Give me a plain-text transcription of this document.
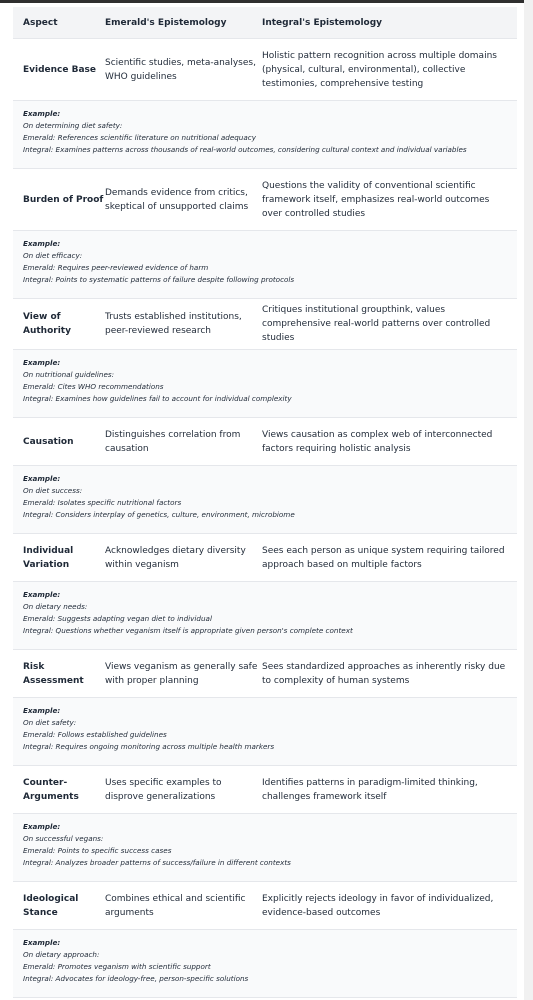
Aspect	Emerald's Epistemology	Integral's Epistemology
Evidence Base
Scientific studies, meta-analyses, WHO guidelines
Holistic pattern recognition across multiple domains (physical, cultural, environmental), collective testimonies, comprehensive testing
Example:
On determining diet safety:
Emerald: References scientific literature on nutritional adequacy
Integral: Examines patterns across thousands of real-world outcomes, considering cultural context and individual variables
Burden of Proof
Demands evidence from critics, skeptical of unsupported claims
Questions the validity of conventional scientific framework itself, emphasizes real-world outcomes over controlled studies
Example:
On diet efficacy:
Emerald: Requires peer-reviewed evidence of harm
Integral: Points to systematic patterns of failure despite following protocols
View of Authority
Trusts established institutions, peer-reviewed research
Critiques institutional groupthink, values comprehensive real-world patterns over controlled studies
Example:
On nutritional guidelines:
Emerald: Cites WHO recommendations
Integral: Examines how guidelines fail to account for individual complexity
Causation
Distinguishes correlation from causation
Views causation as complex web of interconnected factors requiring holistic analysis
Example:
On diet success:
Emerald: Isolates specific nutritional factors
Integral: Considers interplay of genetics, culture, environment, microbiome
Individual Variation
Acknowledges dietary diversity within veganism
Sees each person as unique system requiring tailored approach based on multiple factors
Example:
On dietary needs:
Emerald: Suggests adapting vegan diet to individual
Integral: Questions whether veganism itself is appropriate given person's complete context
Risk Assessment
Views veganism as generally safe with proper planning
Sees standardized approaches as inherently risky due to complexity of human systems
Example:
On diet safety:
Emerald: Follows established guidelines
Integral: Requires ongoing monitoring across multiple health markers
Counter-Arguments
Uses specific examples to disprove generalizations
Identifies patterns in paradigm-limited thinking, challenges framework itself
Example:
On successful vegans:
Emerald: Points to specific success cases
Integral: Analyzes broader patterns of success/failure in different contexts
Ideological Stance
Combines ethical and scientific arguments
Explicitly rejects ideology in favor of individualized, evidence-based outcomes
Example:
On dietary approach:
Emerald: Promotes veganism with scientific support
Integral: Advocates for ideology-free, person-specific solutions
